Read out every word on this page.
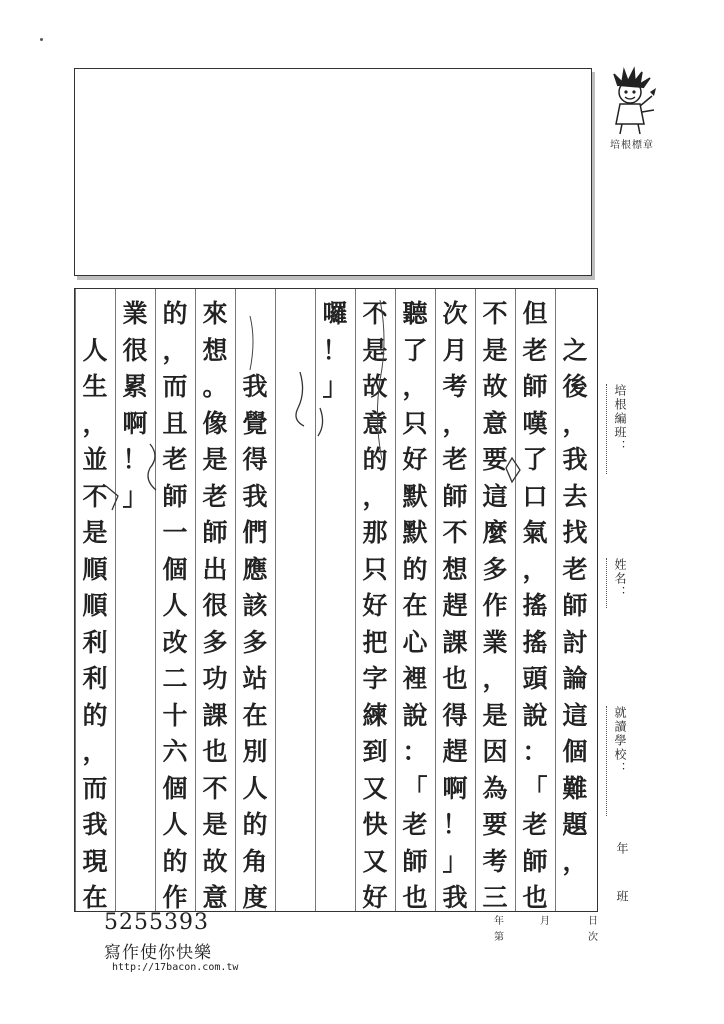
培根標章
之
後
，
我
去
找
老
師
討
論
這
個
難
題
，
但
老
師
嘆
了
口
氣
，
搖
搖
頭
說
：
「
老
師
也
不
是
故
意
要
這
麼
多
作
業
，
是
因
為
要
考
三
次
月
考
，
老
師
不
想
趕
課
也
得
趕
啊
！
」
我
聽
了
，
只
好
默
默
的
在
心
裡
說
：
「
老
師
也
不
是
故
意
的
，
那
只
好
把
字
練
到
又
快
又
好
囉
！
」
我
覺
得
我
們
應
該
多
站
在
別
人
的
角
度
來
想
。
像
是
老
師
出
很
多
功
課
也
不
是
故
意
的
，
而
且
老
師
一
個
人
改
二
十
六
個
人
的
作
業
很
累
啊
！
」
人
生
，
並
不
是
順
順
利
利
的
，
而
我
現
在
培根編班：
姓名：
就讀學校：
年
班
年	月	日
第	次
5255393
寫作使你快樂
http://17bacon.com.tw
